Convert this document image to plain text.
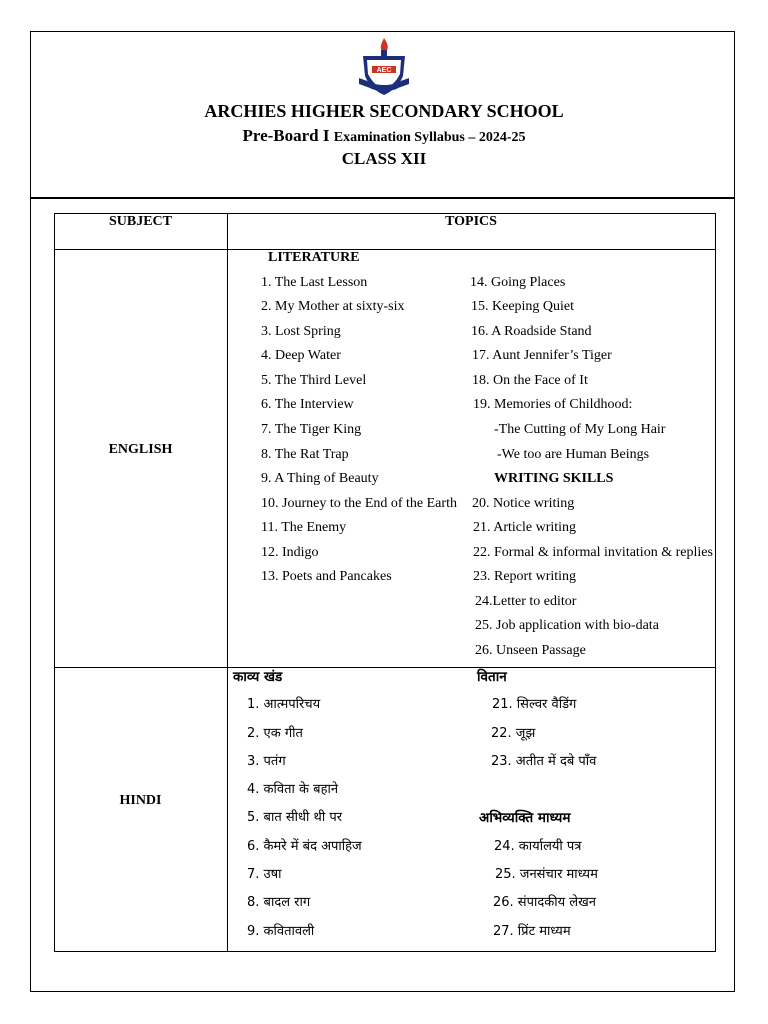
AEC
ARCHIES HIGHER SECONDARY SCHOOL
Pre-Board I Examination Syllabus – 2024-25
CLASS XII
SUBJECT	TOPICS
ENGLISH
LITERATURE
1. The Last Lesson
2. My Mother at sixty-six
3. Lost Spring
4. Deep Water
5. The Third Level
6. The Interview
7. The Tiger King
8. The Rat Trap
9. A Thing of Beauty
10. Journey to the End of the Earth
11. The Enemy
12. Indigo
13. Poets and Pancakes
14. Going Places
15. Keeping Quiet
16. A Roadside Stand
17. Aunt Jennifer’s Tiger
18. On the Face of It
19. Memories of Childhood:
-The Cutting of My Long Hair
-We too are Human Beings
WRITING SKILLS
20. Notice writing
21. Article writing
22. Formal & informal invitation & replies
23. Report writing
24.Letter to editor
25. Job application with bio-data
26. Unseen Passage
HINDI
काव्य खंड
1. आत्मपरिचय
2. एक गीत
3. पतंग
4. कविता के बहाने
5. बात सीधी थी पर
6. कैमरे में बंद अपाहिज
7. उषा
8. बादल राग
9. कवितावली
वितान
21. सिल्वर वैडिंग
22. जूझ
23. अतीत में दबे पाँव
अभिव्यक्ति माध्यम
24. कार्यालयी पत्र
25. जनसंचार माध्यम
26. संपादकीय लेखन
27. प्रिंट माध्यम
